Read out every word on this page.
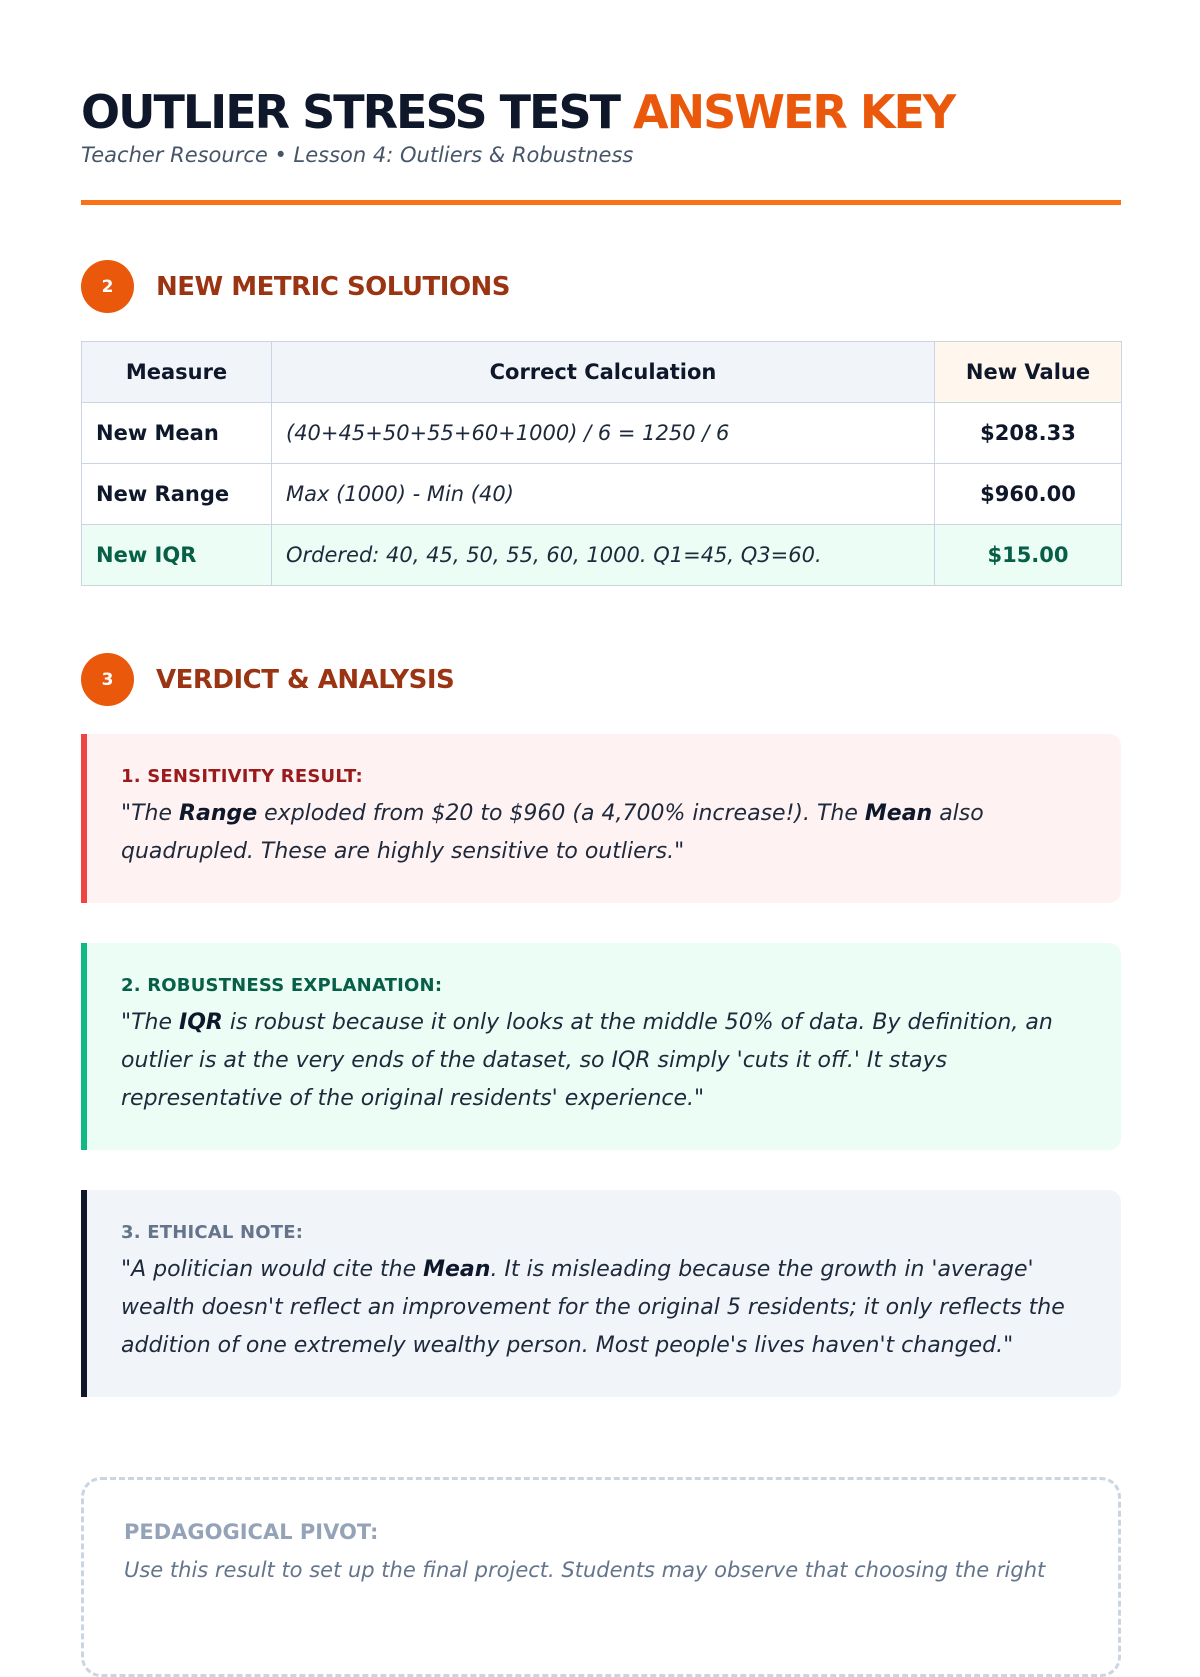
OUTLIER STRESS TEST ANSWER KEY
Teacher Resource • Lesson 4: Outliers & Robustness
2	NEW METRIC SOLUTIONS
Measure	Correct Calculation	New Value
New Mean	(40+45+50+55+60+1000) / 6 = 1250 / 6	$208.33
New Range	Max (1000) - Min (40)	$960.00
New IQR	Ordered: 40, 45, 50, 55, 60, 1000. Q1=45, Q3=60.	$15.00
3	VERDICT & ANALYSIS
1. SENSITIVITY RESULT:
"The Range exploded from $20 to $960 (a 4,700% increase!). The Mean also quadrupled. These are highly sensitive to outliers."
2. ROBUSTNESS EXPLANATION:
"The IQR is robust because it only looks at the middle 50% of data. By definition, an outlier is at the very ends of the dataset, so IQR simply 'cuts it off.' It stays representative of the original residents' experience."
3. ETHICAL NOTE:
"A politician would cite the Mean. It is misleading because the growth in 'average' wealth doesn't reflect an improvement for the original 5 residents; it only reflects the addition of one extremely wealthy person. Most people's lives haven't changed."
PEDAGOGICAL PIVOT:
Use this result to set up the final project. Students may observe that choosing the right
